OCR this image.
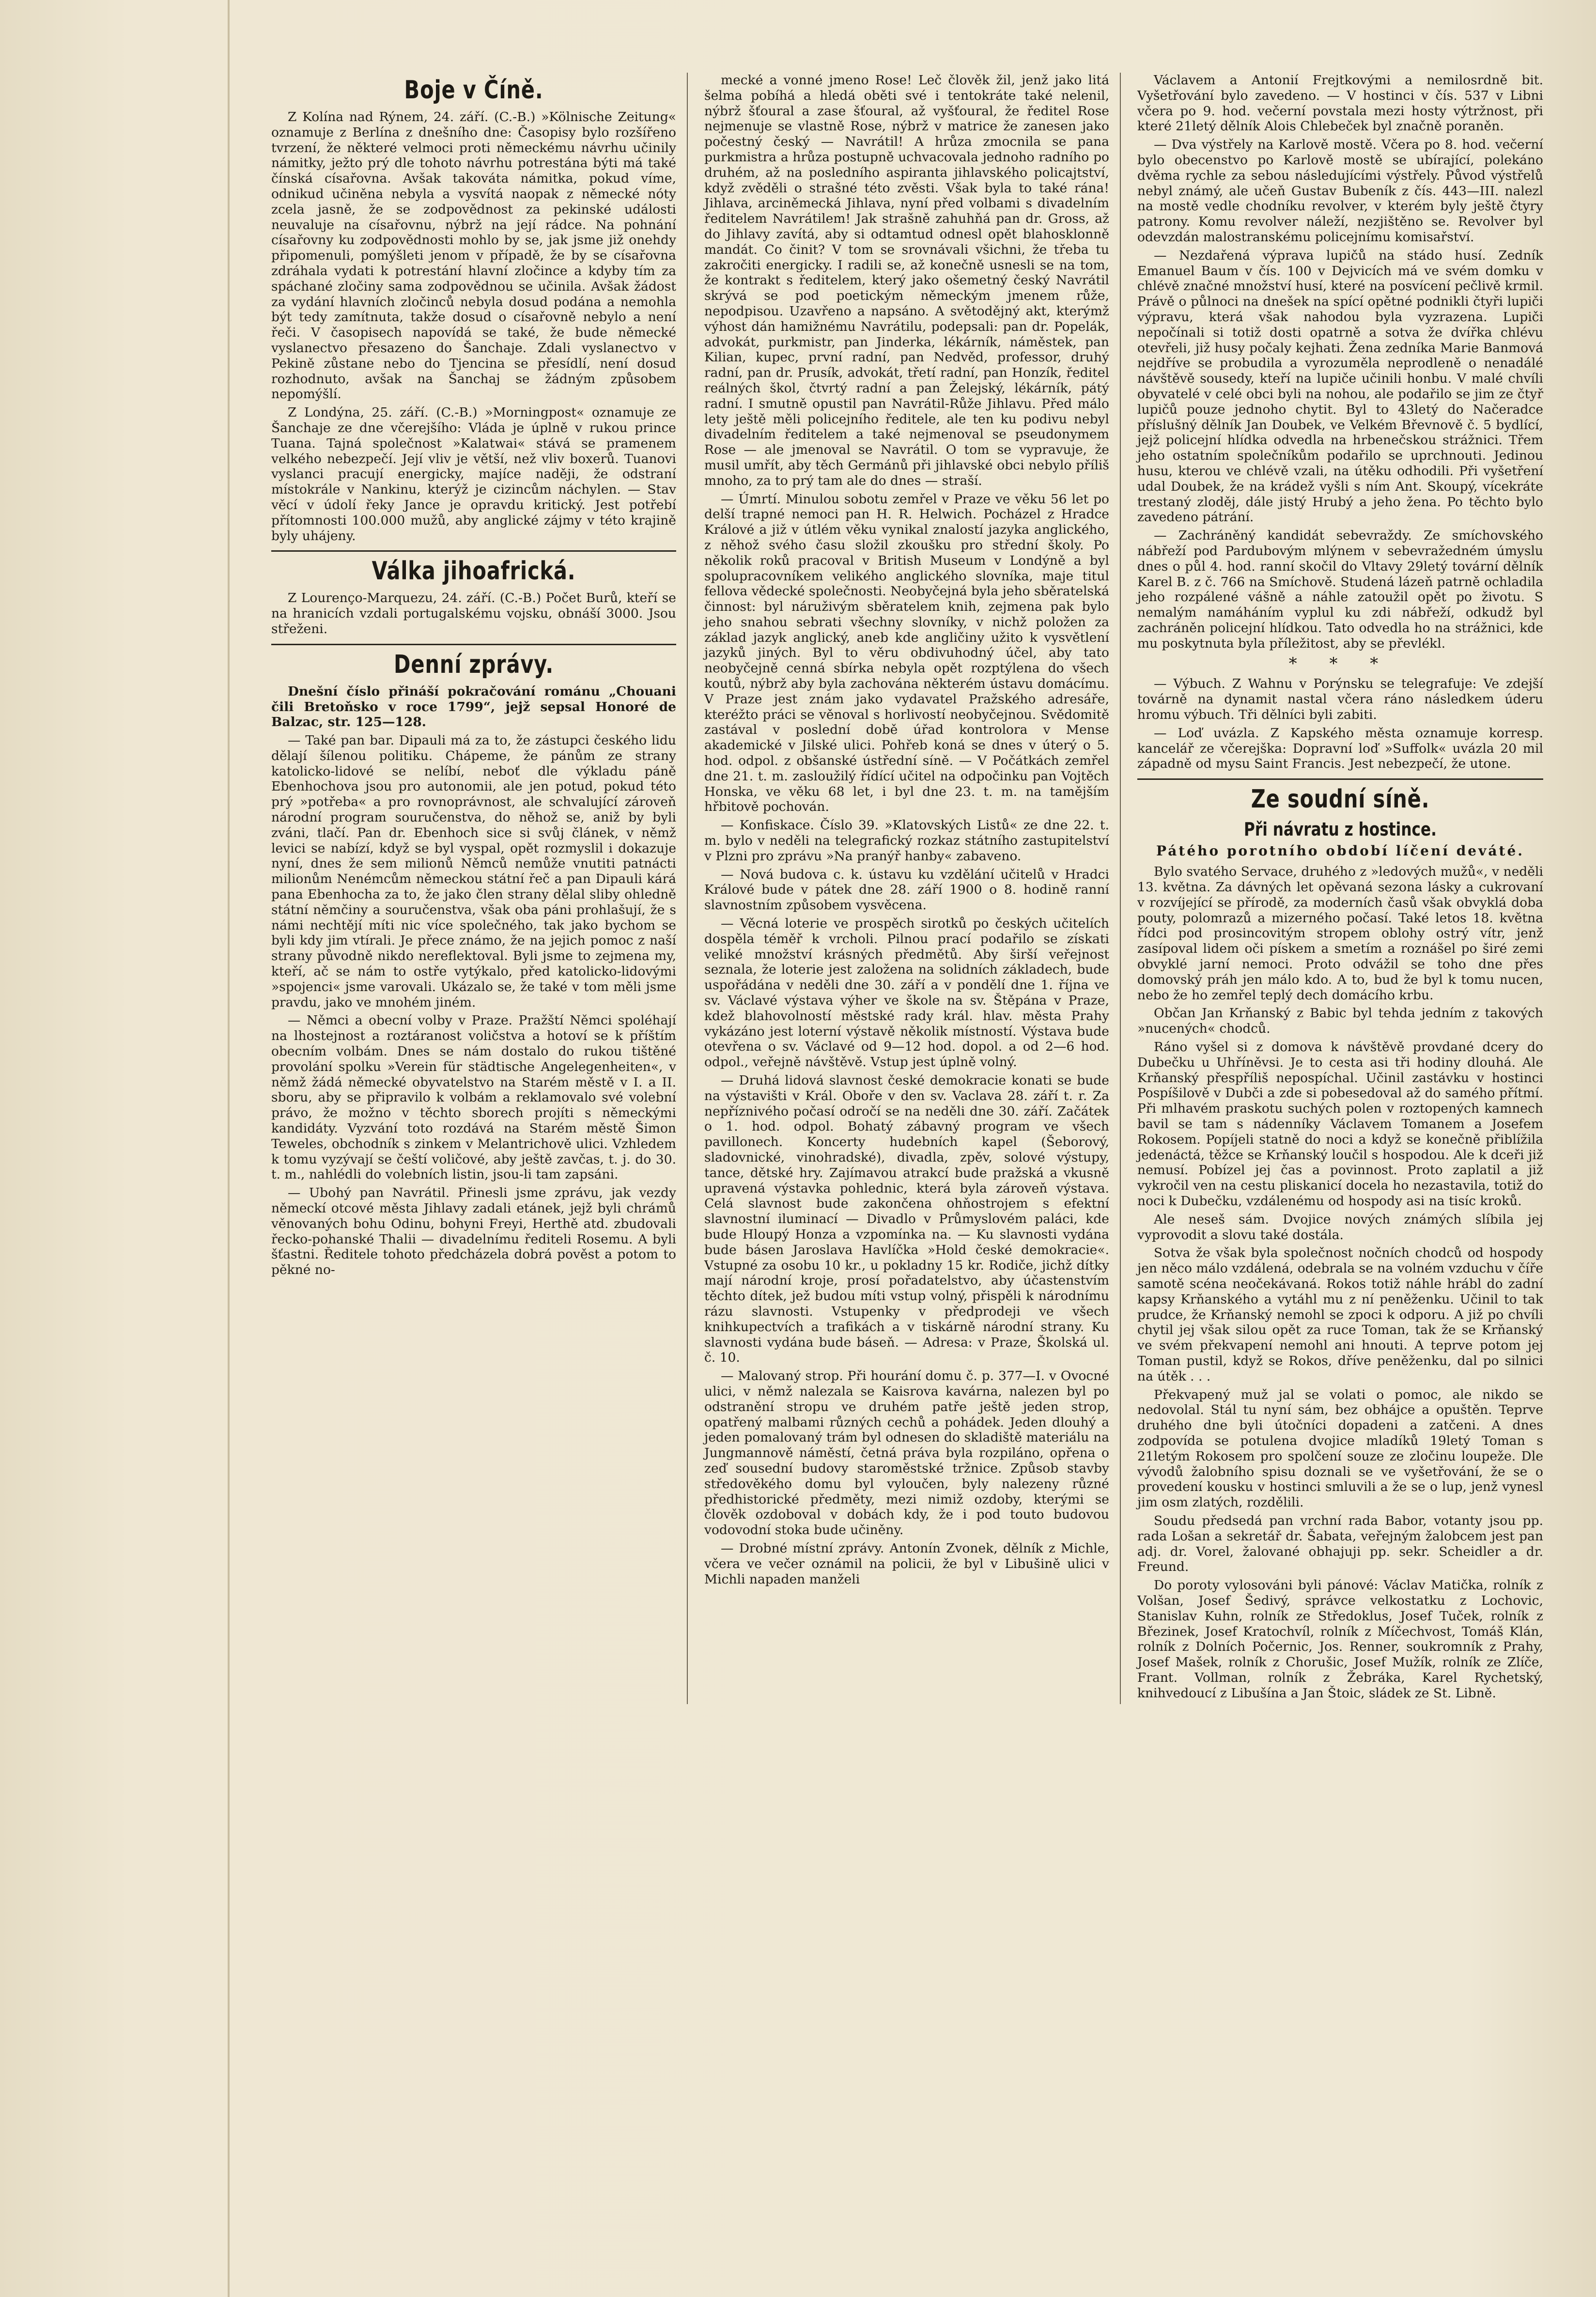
Boje v Číně.

Z Kolína nad Rýnem, 24. září. (C.-B.) »Kölnische Zeitung« oznamuje z Berlína z dnešního dne: Časopisy bylo rozšířeno tvrzení, že některé velmoci proti německému návrhu učinily námitky, ježto prý dle tohoto návrhu potrestána býti má také čínská císařovna. Avšak takováta námitka, pokud víme, odnikud učiněna nebyla a vysvítá naopak z německé nóty zcela jasně, že se zodpovědnost za pekinské události neuvaluje na císařovnu, nýbrž na její rádce. Na pohnání císařovny ku zodpovědnosti mohlo by se, jak jsme již onehdy připomenuli, pomýšleti jenom v případě, že by se císařovna zdráhala vydati k potrestání hlavní zločince a kdyby tím za spáchané zločiny sama zodpovědnou se učinila. Avšak žádost za vydání hlavních zločinců nebyla dosud podána a nemohla být tedy zamítnuta, takže dosud o císařovně nebylo a není řeči. V časopisech napovídá se také, že bude německé vyslanectvo přesazeno do Šanchaje. Zdali vyslanectvo v Pekině zůstane nebo do Tjencina se přesídlí, není dosud rozhodnuto, avšak na Šanchaj se žádným způsobem nepomýšlí.

Z Londýna, 25. září. (C.-B.) »Morningpost« oznamuje ze Šanchaje ze dne včerejšího: Vláda je úplně v rukou prince Tuana. Tajná společnost »Kalatwai« stává se pramenem velkého nebezpečí. Její vliv je větší, než vliv boxerů. Tuanovi vyslanci pracují energicky, majíce naději, že odstraní místokrále v Nankinu, kterýž je cizincům náchylen. — Stav věcí v údolí řeky Jance je opravdu kritický. Jest potřebí přítomnosti 100.000 mužů, aby anglické zájmy v této krajině byly uhájeny.

Válka jihoafrická.

Z Lourenço-Marquezu, 24. září. (C.-B.) Počet Burů, kteří se na hranicích vzdali portugalskému vojsku, obnáší 3000. Jsou střeženi.

Denní zprávy.

Dnešní číslo přináší pokračování románu „Chouani čili Bretoňsko v roce 1799“, jejž sepsal Honoré de Balzac, str. 125—128.

— Také pan bar. Dipauli má za to, že zástupci českého lidu dělají šílenou politiku. Chápeme, že pánům ze strany katolicko-lidové se nelíbí, neboť dle výkladu páně Ebenhochova jsou pro autonomii, ale jen potud, pokud této prý »potřeba« a pro rovnoprávnost, ale schvalující zároveň národní program souručenstva, do něhož se, aniž by byli zváni, tlačí. Pan dr. Ebenhoch sice si svůj článek, v němž levici se nabízí, když se byl vyspal, opět rozmyslil i dokazuje nyní, dnes že sem milionů Němců nemůže vnutiti patnácti milionům Nenémcům německou státní řeč a pan Dipauli kárá pana Ebenhocha za to, že jako člen strany dělal sliby ohledně státní němčiny a souručenstva, však oba páni prohlašují, že s námi nechtějí míti nic více společného, tak jako bychom se byli kdy jim vtírali. Je přece známo, že na jejich pomoc z naší strany původně nikdo nereflektoval. Byli jsme to zejmena my, kteří, ač se nám to ostře vytýkalo, před katolicko-lidovými »spojenci« jsme varovali. Ukázalo se, že také v tom měli jsme pravdu, jako ve mnohém jiném.

— Němci a obecní volby v Praze. Pražští Němci spoléhají na lhostejnost a roztáranost voličstva a hotoví se k příštím obecním volbám. Dnes se nám dostalo do rukou tištěné provolání spolku »Verein für städtische Angelegenheiten«, v němž žádá německé obyvatelstvo na Starém městě v I. a II. sboru, aby se připravilo k volbám a reklamovalo své volební právo, že možno v těchto sborech projíti s německými kandidáty. Vyzvání toto rozdává na Starém městě Šimon Teweles, obchodník s zinkem v Melantrichově ulici. Vzhledem k tomu vyzývají se čeští voličové, aby ještě zavčas, t. j. do 30. t. m., nahlédli do volebních listin, jsou-li tam zapsáni.

— Ubohý pan Navrátil. Přinesli jsme zprávu, jak vezdy německí otcové města Jihlavy zadali etánek, jejž byli chrámů věnovaných bohu Odinu, bohyni Freyi, Herthě atd. zbudovali řecko-pohanské Thalii — divadelnímu řediteli Rosemu. A byli šťastni. Ředitele tohoto předcházela dobrá pověst a potom to pěkné no-

mecké a vonné jmeno Rose! Leč člověk žil, jenž jako litá šelma pobíhá a hledá oběti své i tentokráte také nelenil, nýbrž šťoural a zase šťoural, až vyšťoural, že ředitel Rose nejmenuje se vlastně Rose, nýbrž v matrice že zanesen jako počestný český — Navrátil! A hrůza zmocnila se pana purkmistra a hrůza postupně uchvacovala jednoho radního po druhém, až na posledního aspiranta jihlavského policajtství, když zvěděli o strašné této zvěsti. Však byla to také rána! Jihlava, arciněmecká Jihlava, nyní před volbami s divadelním ředitelem Navrátilem! Jak strašně zahuhňá pan dr. Gross, až do Jihlavy zavítá, aby si odtamtud odnesl opět blahosklonně mandát. Co činit? V tom se srovnávali všichni, že třeba tu zakročiti energicky. I radili se, až konečně usnesli se na tom, že kontrakt s ředitelem, který jako ošemetný český Navrátil skrývá se pod poetickým německým jmenem růže, nepodpisou. Uzavřeno a napsáno. A světodějný akt, kterýmž výhost dán hamižnému Navrátilu, podepsali: pan dr. Popelák, advokát, purkmistr, pan Jinderka, lékárník, náměstek, pan Kilian, kupec, první radní, pan Nedvěd, professor, druhý radní, pan dr. Prusík, advokát, třetí radní, pan Honzík, ředitel reálných škol, čtvrtý radní a pan Želejský, lékárník, pátý radní. I smutně opustil pan Navrátil-Růže Jihlavu. Před málo lety ještě měli policejního ředitele, ale ten ku podivu nebyl divadelním ředitelem a také nejmenoval se pseudonymem Rose — ale jmenoval se Navrátil. O tom se vypravuje, že musil umřít, aby těch Germánů při jihlavské obci nebylo příliš mnoho, za to prý tam ale do dnes — straší.

— Úmrtí. Minulou sobotu zemřel v Praze ve věku 56 let po delší trapné nemoci pan H. R. Helwich. Pocházel z Hradce Králové a již v útlém věku vynikal znalostí jazyka anglického, z něhož svého času složil zkoušku pro střední školy. Po několik roků pracoval v British Museum v Londýně a byl spolupracovníkem velikého anglického slovníka, maje titul fellova vědecké společnosti. Neobyčejná byla jeho sběratelská činnost: byl náruživým sběratelem knih, zejmena pak bylo jeho snahou sebrati všechny slovníky, v nichž položen za základ jazyk anglický, aneb kde angličiny užito k vysvětlení jazyků jiných. Byl to věru obdivuhodný účel, aby tato neobyčejně cenná sbírka nebyla opět rozptýlena do všech koutů, nýbrž aby byla zachována některém ústavu domácímu. V Praze jest znám jako vydavatel Pražského adresáře, kteréžto práci se věnoval s horlivostí neobyčejnou. Svědomitě zastával v poslední době úřad kontrolora v Mense akademické v Jilské ulici. Pohřeb koná se dnes v úterý o 5. hod. odpol. z obšanské ústřední síně. — V Počátkách zemřel dne 21. t. m. zasloužilý řídící učitel na odpočinku pan Vojtěch Honska, ve věku 68 let, i byl dne 23. t. m. na tamějším hřbitově pochován.

— Konfiskace. Číslo 39. »Klatovských Listů« ze dne 22. t. m. bylo v neděli na telegrafický rozkaz státního zastupitelství v Plzni pro zprávu »Na pranýř hanby« zabaveno.

— Nová budova c. k. ústavu ku vzdělání učitelů v Hradci Králové bude v pátek dne 28. září 1900 o 8. hodině ranní slavnostním způsobem vysvěcena.

— Věcná loterie ve prospěch sirotků po českých učitelích dospěla téměř k vrcholi. Pilnou prací podařilo se získati veliké množství krásných předmětů. Aby širší veřejnost seznala, že loterie jest založena na solidních základech, bude uspořádána v neděli dne 30. září a v pondělí dne 1. října ve sv. Václavé výstava výher ve škole na sv. Štěpána v Praze, kdež blahovolností městské rady král. hlav. města Prahy vykázáno jest loterní výstavě několik místností. Výstava bude otevřena o sv. Václavé od 9—12 hod. dopol. a od 2—6 hod. odpol., veřejně návštěvě. Vstup jest úplně volný.

— Druhá lidová slavnost české demokracie konati se bude na výstavišti v Král. Oboře v den sv. Vaclava 28. září t. r. Za nepříznivého počasí odročí se na neděli dne 30. září. Začátek o 1. hod. odpol. Bohatý zábavný program ve všech pavillonech. Koncerty hudebních kapel (Šeborový, sladovnické, vinohradské), divadla, zpěv, solové výstupy, tance, dětské hry. Zajímavou atrakcí bude pražská a vkusně upravená výstavka pohlednic, která byla zároveň výstava. Celá slavnost bude zakončena ohňostrojem s efektní slavnostní iluminací — Divadlo v Průmyslovém paláci, kde bude Hloupý Honza a vzpomínka na. — Ku slavnosti vydána bude básen Jaroslava Havlíčka »Hold české demokracie«. Vstupné za osobu 10 kr., u pokladny 15 kr. Rodiče, jichž dítky mají národní kroje, prosí pořadatelstvo, aby účastenstvím těchto dítek, jež budou míti vstup volný, přispěli k národnímu rázu slavnosti. Vstupenky v předprodeji ve všech knihkupectvích a trafikách a v tiskárně národní strany. Ku slavnosti vydána bude báseň. — Adresa: v Praze, Školská ul. č. 10.

— Malovaný strop. Při hourání domu č. p. 377—I. v Ovocné ulici, v němž nalezala se Kaisrova kavárna, nalezen byl po odstranění stropu ve druhém patře ještě jeden strop, opatřený malbami různých cechů a pohádek. Jeden dlouhý a jeden pomalovaný trám byl odnesen do skladiště materiálu na Jungmannově náměstí, četná práva byla rozpiláno, opřena o zeď sousední budovy staroměstské tržnice. Způsob stavby středověkého domu byl vyloučen, byly nalezeny různé předhistorické předměty, mezi nimiž ozdoby, kterými se člověk ozdoboval v dobách kdy, že i pod touto budovou vodovodní stoka bude učiněny.

— Drobné místní zprávy. Antonín Zvonek, dělník z Michle, včera ve večer oznámil na policii, že byl v Libušině ulici v Michli napaden manželi

Václavem a Antonií Frejtkovými a nemilosrdně bit. Vyšetřování bylo zavedeno. — V hostinci v čís. 537 v Libni včera po 9. hod. večerní povstala mezi hosty výtržnost, při které 21letý dělník Alois Chlebeček byl značně poraněn.

— Dva výstřely na Karlově mostě. Včera po 8. hod. večerní bylo obecenstvo po Karlově mostě se ubírající, polekáno dvěma rychle za sebou následujícími výstřely. Původ výstřelů nebyl známý, ale učeň Gustav Bubeník z čís. 443—III. nalezl na mostě vedle chodníku revolver, v kterém byly ještě čtyry patrony. Komu revolver náleží, nezjištěno se. Revolver byl odevzdán malostranskému policejnímu komisařství.

— Nezdařená výprava lupičů na stádo husí. Zedník Emanuel Baum v čís. 100 v Dejvicích má ve svém domku v chlévě značné množství husí, které na posvícení pečlivě krmil. Právě o půlnoci na dnešek na spící opětné podnikli čtyři lupiči výpravu, která však nahodou byla vyzrazena. Lupiči nepočínali si totiž dosti opatrně a sotva že dvířka chlévu otevřeli, již husy počaly kejhati. Žena zedníka Marie Banmová nejdříve se probudila a vyrozuměla neprodleně o nenadálé návštěvě sousedy, kteří na lupiče učinili honbu. V malé chvíli obyvatelé v celé obci byli na nohou, ale podařilo se jim ze čtyř lupičů pouze jednoho chytit. Byl to 43letý do Načeradce příslušný dělník Jan Doubek, ve Velkém Břevnově č. 5 bydlící, jejž policejní hlídka odvedla na hrbenečskou strážnici. Třem jeho ostatním společníkům podařilo se uprchnouti. Jedinou husu, kterou ve chlévě vzali, na útěku odhodili. Při vyšetření udal Doubek, že na krádež vyšli s ním Ant. Skoupý, vícekráte trestaný zloděj, dále jistý Hrubý a jeho žena. Po těchto bylo zavedeno pátrání.

— Zachráněný kandidát sebevraždy. Ze smíchovského nábřeží pod Pardubovým mlýnem v sebevražedném úmyslu dnes o půl 4. hod. ranní skočil do Vltavy 29letý tovární dělník Karel B. z č. 766 na Smíchově. Studená lázeň patrně ochladila jeho rozpálené vášně a náhle zatoužil opět po životu. S nemalým namáháním vyplul ku zdi nábřeží, odkudž byl zachráněn policejní hlídkou. Tato odvedla ho na strážnici, kde mu poskytnuta byla příležitost, aby se převlékl.

* * *

— Výbuch. Z Wahnu v Porýnsku se telegrafuje: Ve zdejší továrně na dynamit nastal včera ráno následkem úderu hromu výbuch. Tři dělníci byli zabiti.

— Loď uvázla. Z Kapského města oznamuje korresp. kancelář ze včerejška: Dopravní loď »Suffolk« uvázla 20 mil západně od mysu Saint Francis. Jest nebezpečí, že utone.

Ze soudní síně.
Při návratu z hostince.
Pátého porotního období líčení deváté.

Bylo svatého Servace, druhého z »ledových mužů«, v neděli 13. května. Za dávných let opěvaná sezona lásky a cukrovaní v rozvíjející se přírodě, za moderních časů však obvyklá doba pouty, polomrazů a mizerného počasí. Také letos 18. května řídci pod prosincovitým stropem oblohy ostrý vítr, jenž zasípoval lidem oči pískem a smetím a roznášel po širé zemi obvyklé jarní nemoci. Proto odvážil se toho dne přes domovský práh jen málo kdo. A to, bud že byl k tomu nucen, nebo že ho zemřel teplý dech domácího krbu.

Občan Jan Krňanský z Babic byl tehda jedním z takových »nucených« chodců.

Ráno vyšel si z domova k návštěvě provdané dcery do Dubečku u Uhříněvsi. Je to cesta asi tři hodiny dlouhá. Ale Krňanský přespříliš nepospíchal. Učinil zastávku v hostinci Pospíšilově v Dubči a zde si pobesedoval až do samého přítmí. Při mlhavém praskotu suchých polen v roztopených kamnech bavil se tam s nádenníky Václavem Tomanem a Josefem Rokosem. Popíjeli statně do noci a když se konečně přiblížila jedenáctá, těžce se Krňanský loučil s hospodou. Ale k dceři již nemusí. Pobízel jej čas a povinnost. Proto zaplatil a již vykročil ven na cestu pliskanicí docela ho nezastavila, totiž do noci k Dubečku, vzdálenému od hospody asi na tisíc kroků.

Ale neseš sám. Dvojice nových známých slíbila jej vyprovodit a slovu také dostála.

Sotva že však byla společnost nočních chodců od hospody jen něco málo vzdálená, odebrala se na volném vzduchu v číře samotě scéna neočekávaná. Rokos totiž náhle hrábl do zadní kapsy Krňanského a vytáhl mu z ní peněženku. Učinil to tak prudce, že Krňanský nemohl se zpoci k odporu. A již po chvíli chytil jej však silou opět za ruce Toman, tak že se Krňanský ve svém překvapení nemohl ani hnouti. A teprve potom jej Toman pustil, když se Rokos, dříve peněženku, dal po silnici na útěk . . .

Překvapený muž jal se volati o pomoc, ale nikdo se nedovolal. Stál tu nyní sám, bez obhájce a opuštěn. Teprve druhého dne byli útočníci dopadeni a zatčeni. A dnes zodpovída se potulena dvojice mladíků 19letý Toman s 21letým Rokosem pro spolčení souze ze zločinu loupeže. Dle vývodů žalobního spisu doznali se ve vyšetřování, že se o provedení kousku v hostinci smluvili a že se o lup, jenž vynesl jim osm zlatých, rozdělili.

Soudu předsedá pan vrchní rada Babor, votanty jsou pp. rada Lošan a sekretář dr. Šabata, veřejným žalobcem jest pan adj. dr. Vorel, žalované obhajuji pp. sekr. Scheidler a dr. Freund.

Do poroty vylosováni byli pánové: Václav Matička, rolník z Volšan, Josef Šedivý, správce velkostatku z Lochovic, Stanislav Kuhn, rolník ze Středoklus, Josef Tuček, rolník z Březinek, Josef Kratochvíl, rolník z Míčechvost, Tomáš Klán, rolník z Dolních Počernic, Jos. Renner, soukromník z Prahy, Josef Mašek, rolník z Chorušic, Josef Mužík, rolník ze Zlíče, Frant. Vollman, rolník z Žebráka, Karel Rychetský, knihvedoucí z Libušína a Jan Štoic, sládek ze St. Libně.
